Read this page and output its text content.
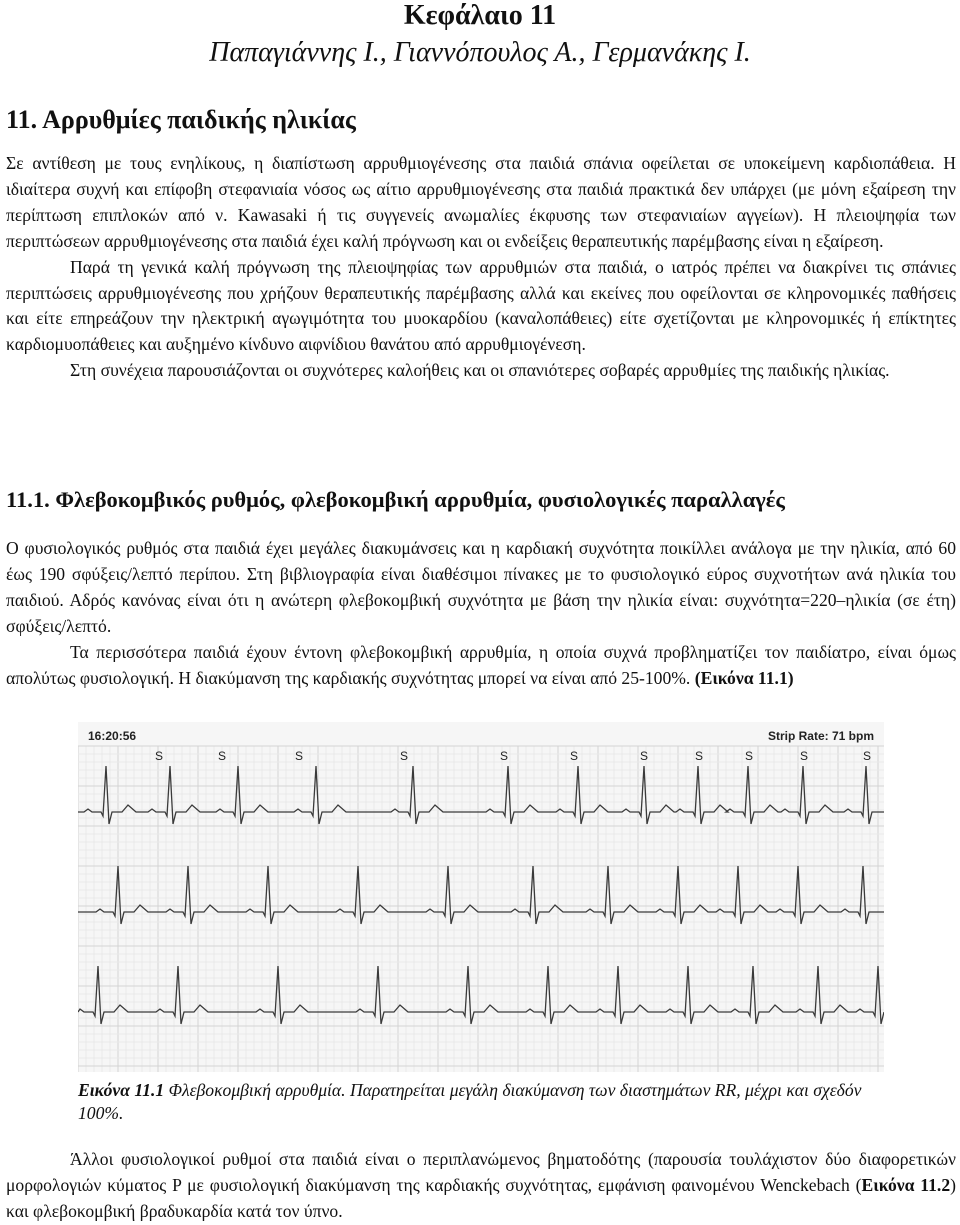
Κεφάλαιο 11
Παπαγιάννης Ι., Γιαννόπουλος Α., Γερμανάκης Ι.
11. Αρρυθμίες παιδικής ηλικίας

Σε αντίθεση με τους ενηλίκους, η διαπίστωση αρρυθμιογένεσης στα παιδιά σπάνια οφείλεται σε υποκείμενη καρδιοπάθεια. Η ιδιαίτερα συχνή και επίφοβη στεφανιαία νόσος ως αίτιο αρρυθμιογένεσης στα παιδιά πρακτικά δεν υπάρχει (με μόνη εξαίρεση την περίπτωση επιπλοκών από ν. Kawasaki ή τις συγγενείς ανωμαλίες έκφυσης των στεφανιαίων αγγείων). Η πλειοψηφία των περιπτώσεων αρρυθμιογένεσης στα παιδιά έχει καλή πρόγνωση και οι ενδείξεις θεραπευτικής παρέμβασης είναι η εξαίρεση.

Παρά τη γενικά καλή πρόγνωση της πλειοψηφίας των αρρυθμιών στα παιδιά, ο ιατρός πρέπει να διακρίνει τις σπάνιες περιπτώσεις αρρυθμιογένεσης που χρήζουν θεραπευτικής παρέμβασης αλλά και εκείνες που οφείλονται σε κληρονομικές παθήσεις και είτε επηρεάζουν την ηλεκτρική αγωγιμότητα του μυοκαρδίου (καναλοπάθειες) είτε σχετίζονται με κληρονομικές ή επίκτητες καρδιομυοπάθειες και αυξημένο κίνδυνο αιφνίδιου θανάτου από αρρυθμιογένεση.

Στη συνέχεια παρουσιάζονται οι συχνότερες καλοήθεις και οι σπανιότερες σοβαρές αρρυθμίες της παιδικής ηλικίας.

11.1. Φλεβοκομβικός ρυθμός, φλεβοκομβική αρρυθμία, φυσιολογικές παραλλαγές

Ο φυσιολογικός ρυθμός στα παιδιά έχει μεγάλες διακυμάνσεις και η καρδιακή συχνότητα ποικίλλει ανάλογα με την ηλικία, από 60 έως 190 σφύξεις/λεπτό περίπου. Στη βιβλιογραφία είναι διαθέσιμοι πίνακες με το φυσιολογικό εύρος συχνοτήτων ανά ηλικία του παιδιού. Αδρός κανόνας είναι ότι η ανώτερη φλεβοκομβική συχνότητα με βάση την ηλικία είναι: συχνότητα=220–ηλικία (σε έτη) σφύξεις/λεπτό.

Τα περισσότερα παιδιά έχουν έντονη φλεβοκομβική αρρυθμία, η οποία συχνά προβληματίζει τον παιδίατρο, είναι όμως απολύτως φυσιολογική. Η διακύμανση της καρδιακής συχνότητας μπορεί να είναι από 25-100%. (Εικόνα 11.1)

16:20:56	Strip Rate: 71 bpm
S	S	S	S	S	S	S	S	S	S	S
Εικόνα 11.1 Φλεβοκομβική αρρυθμία. Παρατηρείται μεγάλη διακύμανση των διαστημάτων RR, μέχρι και σχεδόν 100%.

Άλλοι φυσιολογικοί ρυθμοί στα παιδιά είναι ο περιπλανώμενος βηματοδότης (παρουσία τουλάχιστον δύο διαφορετικών μορφολογιών κύματος P με φυσιολογική διακύμανση της καρδιακής συχνότητας, εμφάνιση φαινομένου Wenckebach (Εικόνα 11.2) και φλεβοκομβική βραδυκαρδία κατά τον ύπνο.
